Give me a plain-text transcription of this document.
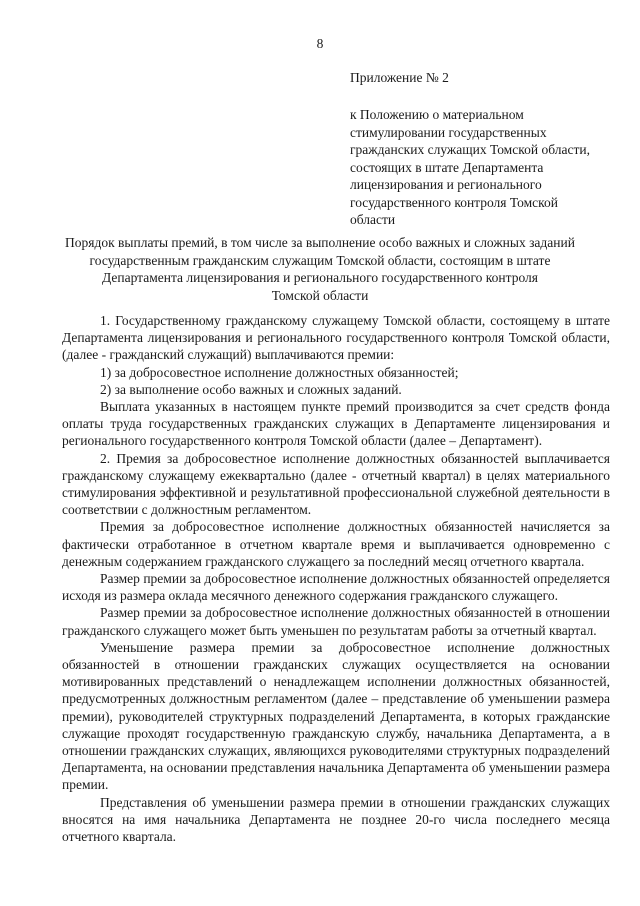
8
Приложение № 2
к Положению о материальном
стимулировании государственных
гражданских служащих Томской области,
состоящих в штате Департамента
лицензирования и регионального
государственного контроля Томской
области
Порядок выплаты премий, в том числе за выполнение особо важных и сложных заданий
государственным гражданским служащим Томской области, состоящим в штате
Департамента лицензирования и регионального государственного контроля
Томской области

1. Государственному гражданскому служащему Томской области, состоящему в штате Департамента лицензирования и регионального государственного контроля Томской области, (далее - гражданский служащий) выплачиваются премии:

1) за добросовестное исполнение должностных обязанностей;

2) за выполнение особо важных и сложных заданий.

Выплата указанных в настоящем пункте премий производится за счет средств фонда оплаты труда государственных гражданских служащих в Департаменте лицензирования и регионального государственного контроля Томской области (далее – Департамент).

2. Премия за добросовестное исполнение должностных обязанностей выплачивается гражданскому служащему ежеквартально (далее - отчетный квартал) в целях материального стимулирования эффективной и результативной профессиональной служебной деятельности в соответствии с должностным регламентом.

Премия за добросовестное исполнение должностных обязанностей начисляется за фактически отработанное в отчетном квартале время и выплачивается одновременно с денежным содержанием гражданского служащего за последний месяц отчетного квартала.

Размер премии за добросовестное исполнение должностных обязанностей определяется исходя из размера оклада месячного денежного содержания гражданского служащего.

Размер премии за добросовестное исполнение должностных обязанностей в отношении гражданского служащего может быть уменьшен по результатам работы за отчетный квартал.

Уменьшение размера премии за добросовестное исполнение должностных обязанностей в отношении гражданских служащих осуществляется на основании мотивированных представлений о ненадлежащем исполнении должностных обязанностей, предусмотренных должностным регламентом (далее – представление об уменьшении размера премии), руководителей структурных подразделений Департамента, в которых гражданские служащие проходят государственную гражданскую службу, начальника Департамента, а в отношении гражданских служащих, являющихся руководителями структурных подразделений Департамента, на основании представления начальника Департамента об уменьшении размера премии.

Представления об уменьшении размера премии в отношении гражданских служащих вносятся на имя начальника Департамента не позднее 20-го числа последнего месяца отчетного квартала.
